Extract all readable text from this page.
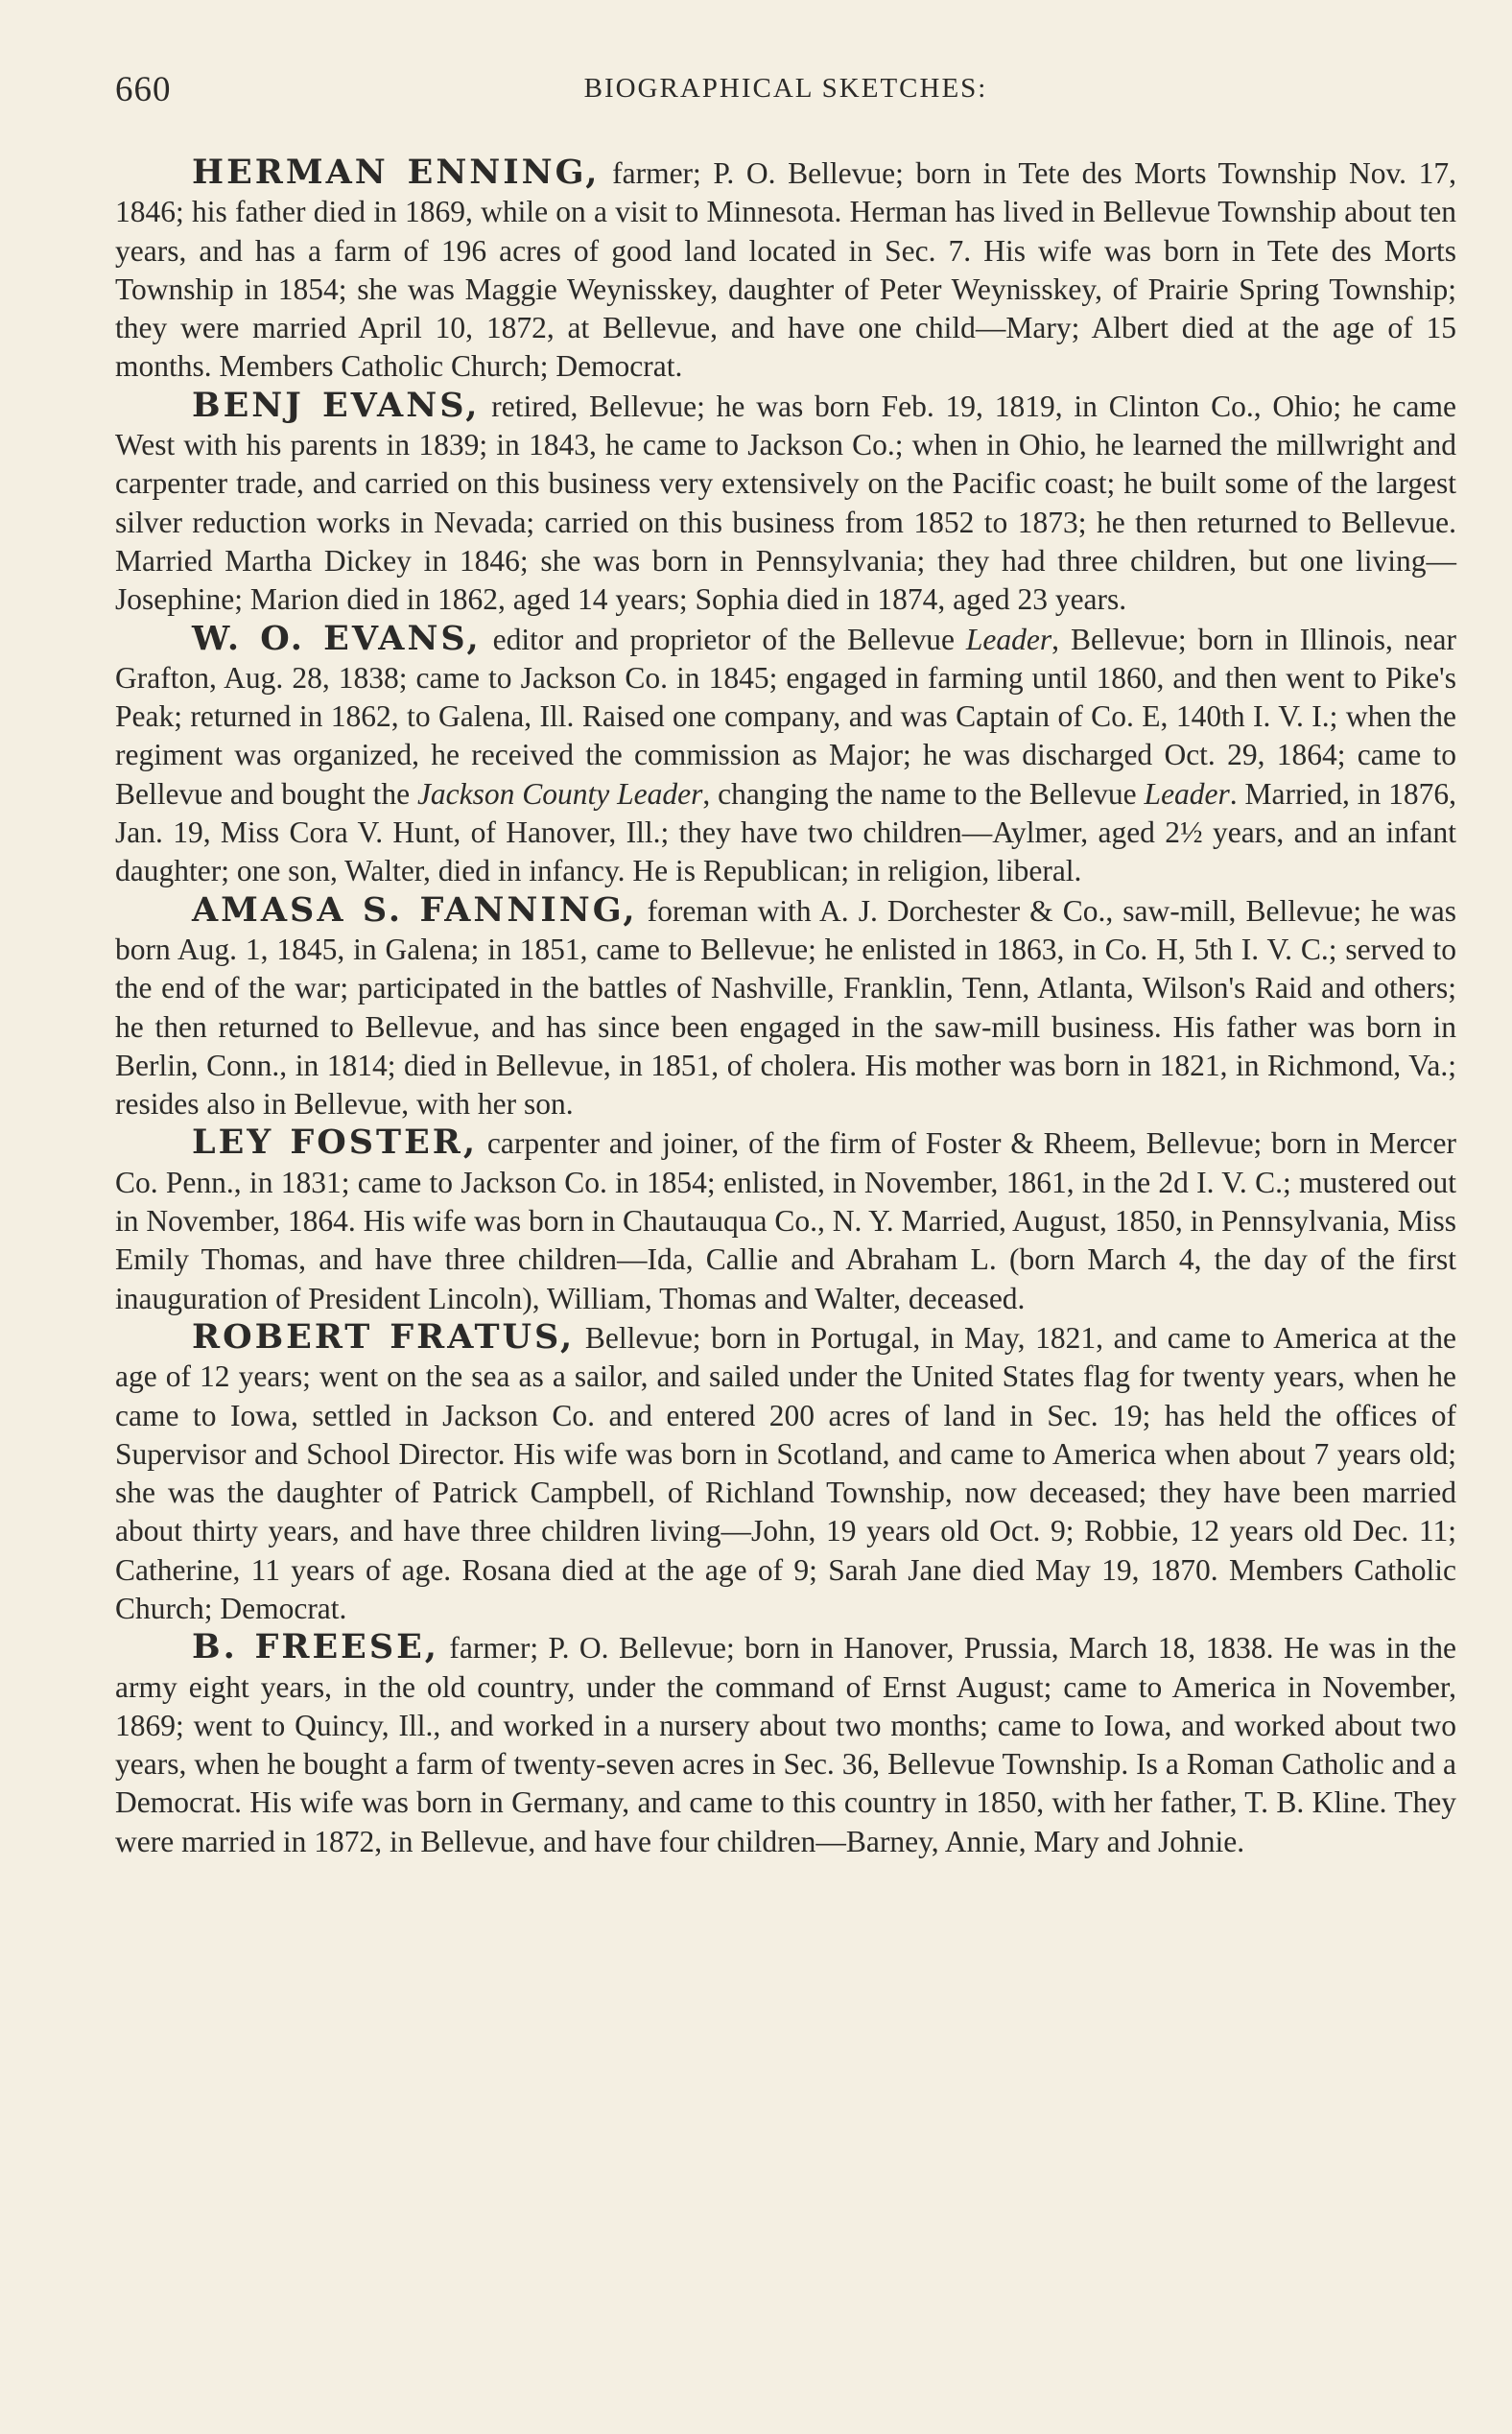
660	BIOGRAPHICAL SKETCHES:

HERMAN ENNING, farmer; P. O. Bellevue; born in Tete des Morts Township Nov. 17, 1846; his father died in 1869, while on a visit to Minnesota. Herman has lived in Bellevue Township about ten years, and has a farm of 196 acres of good land located in Sec. 7. His wife was born in Tete des Morts Township in 1854; she was Maggie Weynisskey, daughter of Peter Weynisskey, of Prairie Spring Township; they were married April 10, 1872, at Bellevue, and have one child—Mary; Albert died at the age of 15 months. Members Catholic Church; Democrat.

BENJ EVANS, retired, Bellevue; he was born Feb. 19, 1819, in Clinton Co., Ohio; he came West with his parents in 1839; in 1843, he came to Jackson Co.; when in Ohio, he learned the millwright and carpenter trade, and carried on this business very extensively on the Pacific coast; he built some of the largest silver reduction works in Nevada; carried on this business from 1852 to 1873; he then returned to Bellevue. Married Martha Dickey in 1846; she was born in Pennsylvania; they had three children, but one living—Josephine; Marion died in 1862, aged 14 years; Sophia died in 1874, aged 23 years.

W. O. EVANS, editor and proprietor of the Bellevue Leader, Bellevue; born in Illinois, near Grafton, Aug. 28, 1838; came to Jackson Co. in 1845; engaged in farming until 1860, and then went to Pike's Peak; returned in 1862, to Galena, Ill. Raised one company, and was Captain of Co. E, 140th I. V. I.; when the regiment was organized, he received the commission as Major; he was discharged Oct. 29, 1864; came to Bellevue and bought the Jackson County Leader, changing the name to the Bellevue Leader. Married, in 1876, Jan. 19, Miss Cora V. Hunt, of Hanover, Ill.; they have two children—Aylmer, aged 2½ years, and an infant daughter; one son, Walter, died in infancy. He is Republican; in religion, liberal.

AMASA S. FANNING, foreman with A. J. Dorchester & Co., saw-mill, Bellevue; he was born Aug. 1, 1845, in Galena; in 1851, came to Bellevue; he enlisted in 1863, in Co. H, 5th I. V. C.; served to the end of the war; participated in the battles of Nashville, Franklin, Tenn, Atlanta, Wilson's Raid and others; he then returned to Bellevue, and has since been engaged in the saw-mill business. His father was born in Berlin, Conn., in 1814; died in Bellevue, in 1851, of cholera. His mother was born in 1821, in Richmond, Va.; resides also in Bellevue, with her son.

LEY FOSTER, carpenter and joiner, of the firm of Foster & Rheem, Bellevue; born in Mercer Co. Penn., in 1831; came to Jackson Co. in 1854; enlisted, in November, 1861, in the 2d I. V. C.; mustered out in November, 1864. His wife was born in Chautauqua Co., N. Y. Married, August, 1850, in Pennsylvania, Miss Emily Thomas, and have three children—Ida, Callie and Abraham L. (born March 4, the day of the first inauguration of President Lincoln), William, Thomas and Walter, deceased.

ROBERT FRATUS, Bellevue; born in Portugal, in May, 1821, and came to America at the age of 12 years; went on the sea as a sailor, and sailed under the United States flag for twenty years, when he came to Iowa, settled in Jackson Co. and entered 200 acres of land in Sec. 19; has held the offices of Supervisor and School Director. His wife was born in Scotland, and came to America when about 7 years old; she was the daughter of Patrick Campbell, of Richland Township, now deceased; they have been married about thirty years, and have three children living—John, 19 years old Oct. 9; Robbie, 12 years old Dec. 11; Catherine, 11 years of age. Rosana died at the age of 9; Sarah Jane died May 19, 1870. Members Catholic Church; Democrat.

B. FREESE, farmer; P. O. Bellevue; born in Hanover, Prussia, March 18, 1838. He was in the army eight years, in the old country, under the command of Ernst August; came to America in November, 1869; went to Quincy, Ill., and worked in a nursery about two months; came to Iowa, and worked about two years, when he bought a farm of twenty-seven acres in Sec. 36, Bellevue Township. Is a Roman Catholic and a Democrat. His wife was born in Germany, and came to this country in 1850, with her father, T. B. Kline. They were married in 1872, in Bellevue, and have four children—Barney, Annie, Mary and Johnie.
